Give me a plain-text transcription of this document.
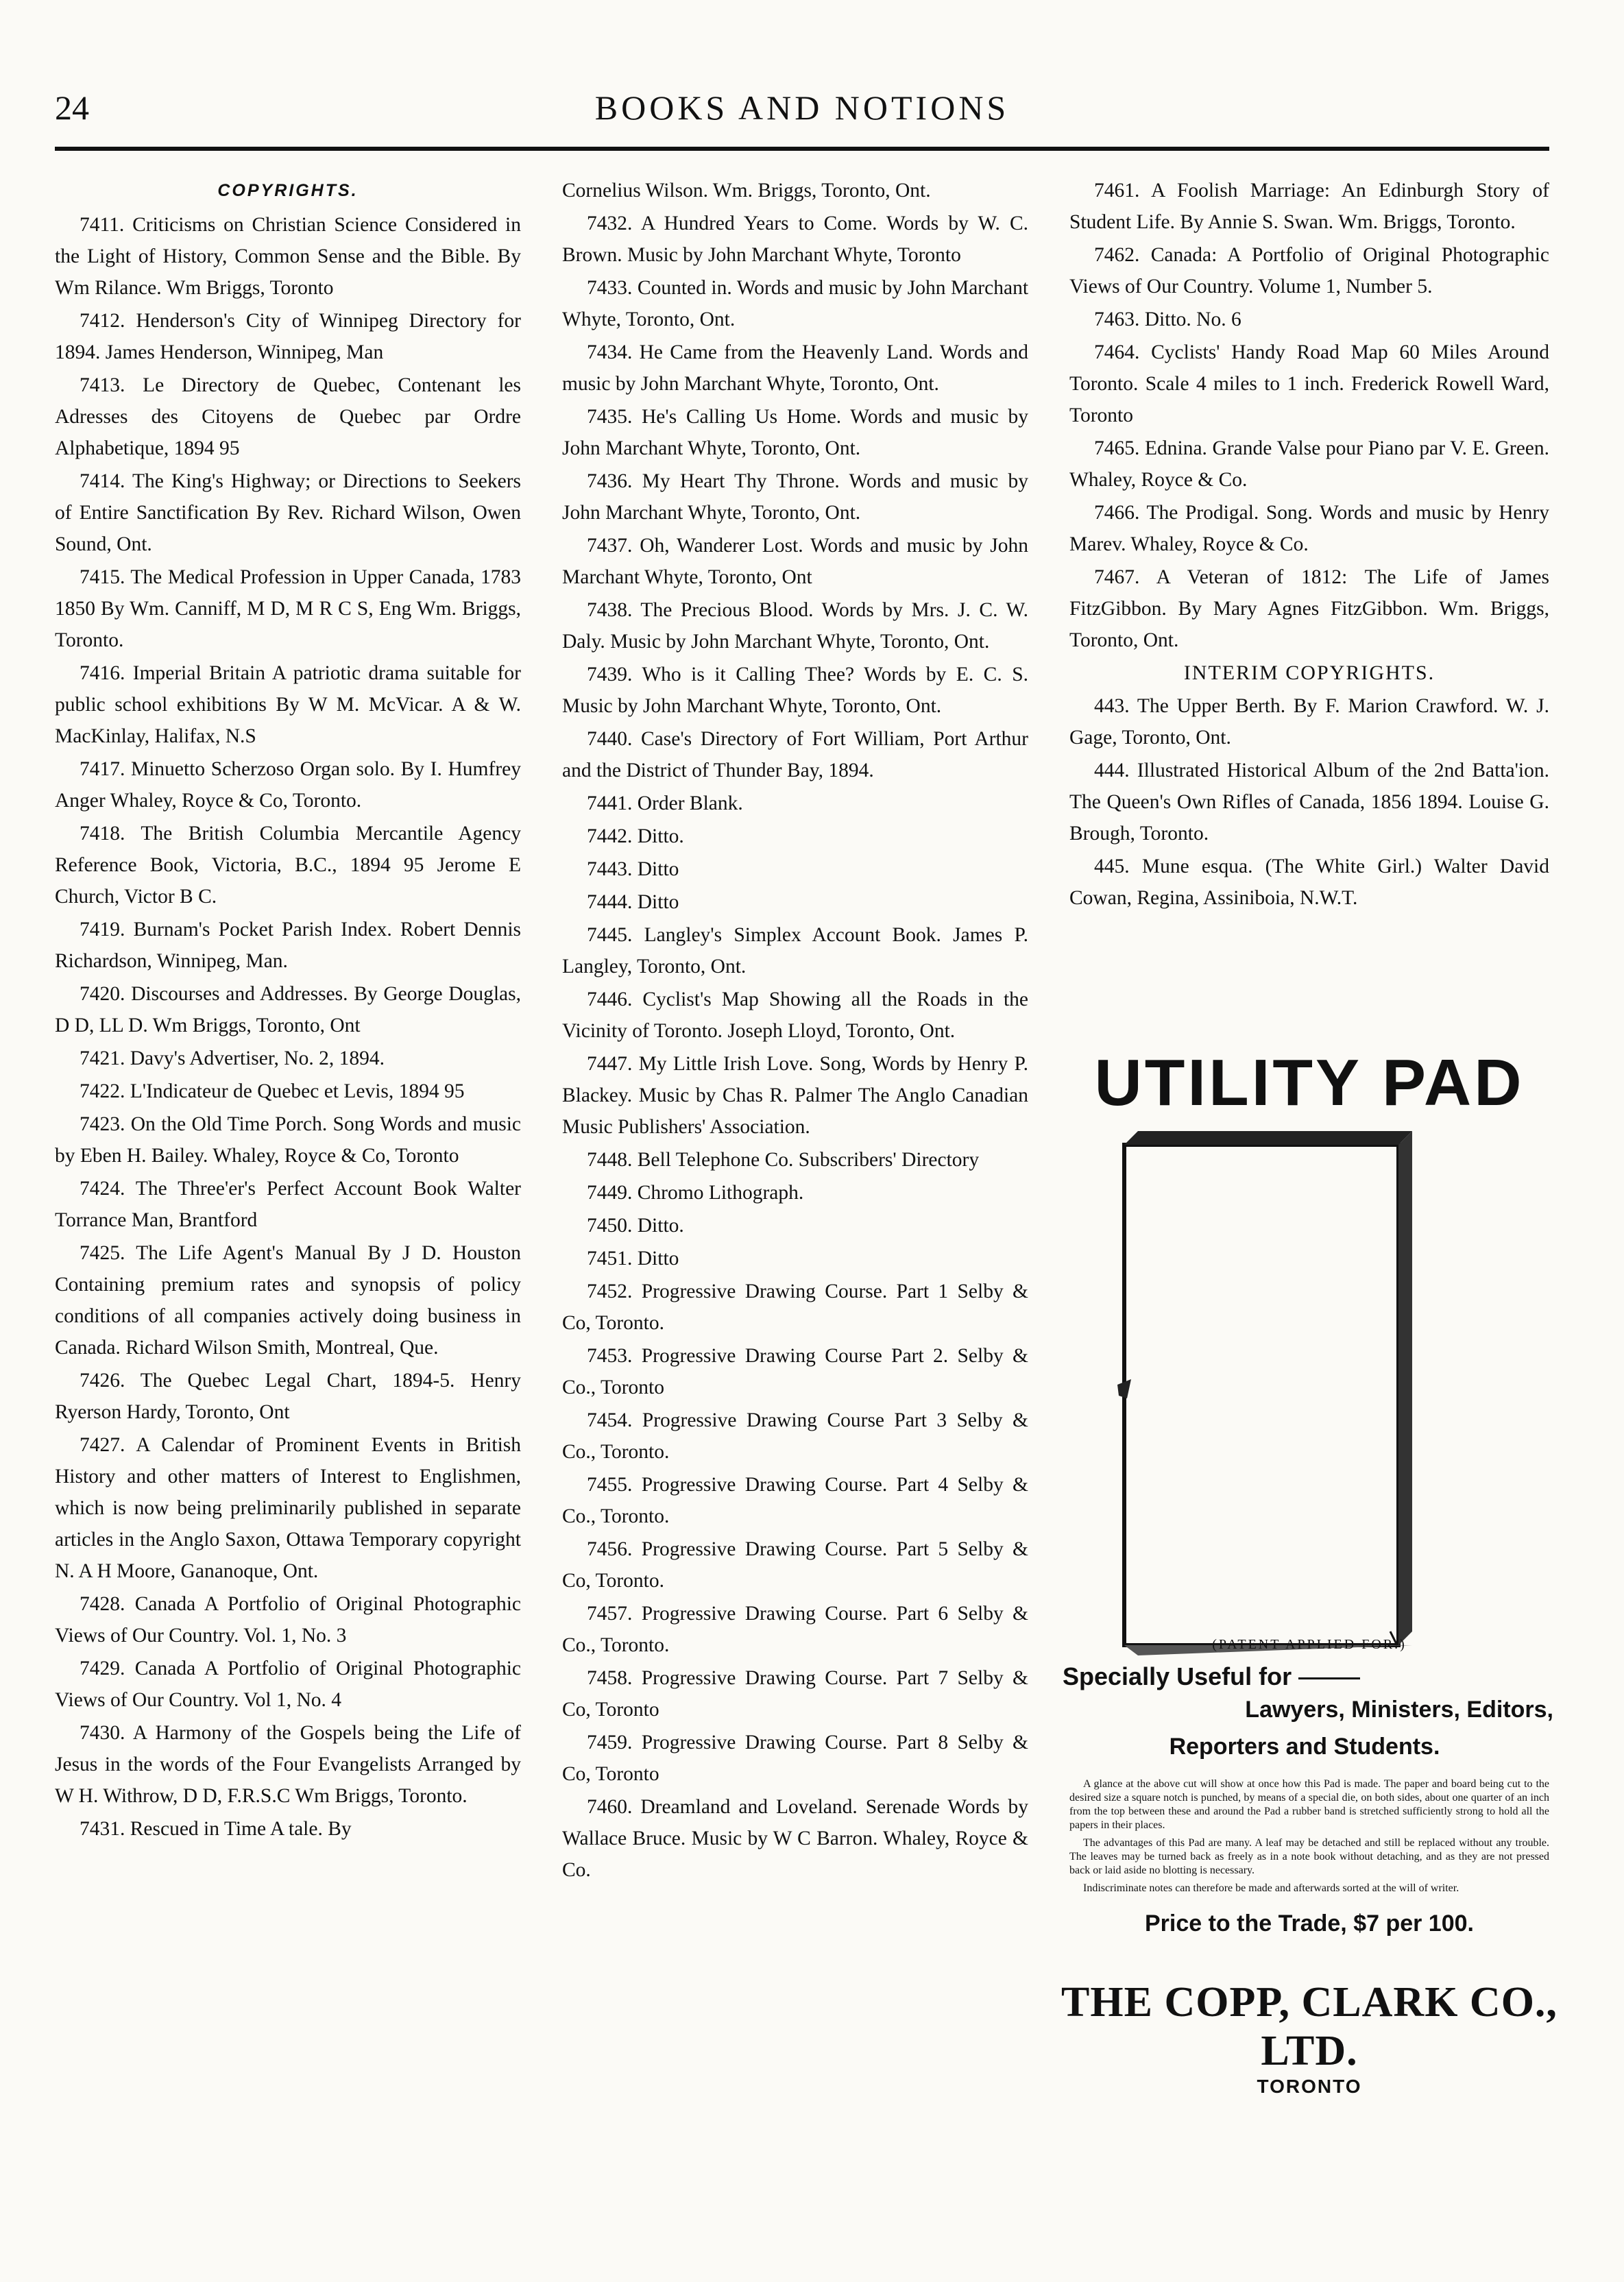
24	BOOKS AND NOTIONS
COPYRIGHTS.

7411. Criticisms on Christian Science Considered in the Light of History, Common Sense and the Bible. By Wm Rilance. Wm Briggs, Toronto

7412. Henderson's City of Winnipeg Directory for 1894. James Henderson, Winnipeg, Man

7413. Le Directory de Quebec, Contenant les Adresses des Citoyens de Quebec par Ordre Alphabetique, 1894 95

7414. The King's Highway; or Directions to Seekers of Entire Sanctification By Rev. Richard Wilson, Owen Sound, Ont.

7415. The Medical Profession in Upper Canada, 1783 1850 By Wm. Canniff, M D, M R C S, Eng Wm. Briggs, Toronto.

7416. Imperial Britain A patriotic drama suitable for public school exhibitions By W M. McVicar. A & W. MacKinlay, Halifax, N.S

7417. Minuetto Scherzoso Organ solo. By I. Humfrey Anger Whaley, Royce & Co, Toronto.

7418. The British Columbia Mercantile Agency Reference Book, Victoria, B.C., 1894 95 Jerome E Church, Victor B C.

7419. Burnam's Pocket Parish Index. Robert Dennis Richardson, Winnipeg, Man.

7420. Discourses and Addresses. By George Douglas, D D, LL D. Wm Briggs, Toronto, Ont

7421. Davy's Advertiser, No. 2, 1894.

7422. L'Indicateur de Quebec et Levis, 1894 95

7423. On the Old Time Porch. Song Words and music by Eben H. Bailey. Whaley, Royce & Co, Toronto

7424. The Three'er's Perfect Account Book Walter Torrance Man, Brantford

7425. The Life Agent's Manual By J D. Houston Containing premium rates and synopsis of policy conditions of all companies actively doing business in Canada. Richard Wilson Smith, Montreal, Que.

7426. The Quebec Legal Chart, 1894-5. Henry Ryerson Hardy, Toronto, Ont

7427. A Calendar of Prominent Events in British History and other matters of Interest to Englishmen, which is now being preliminarily published in separate articles in the Anglo Saxon, Ottawa Temporary copyright N. A H Moore, Gananoque, Ont.

7428. Canada A Portfolio of Original Photographic Views of Our Country. Vol. 1, No. 3

7429. Canada A Portfolio of Original Photographic Views of Our Country. Vol 1, No. 4

7430. A Harmony of the Gospels being the Life of Jesus in the words of the Four Evangelists Arranged by W H. Withrow, D D, F.R.S.C Wm Briggs, Toronto.

7431. Rescued in Time A tale. By

Cornelius Wilson. Wm. Briggs, Toronto, Ont.

7432. A Hundred Years to Come. Words by W. C. Brown. Music by John Marchant Whyte, Toronto

7433. Counted in. Words and music by John Marchant Whyte, Toronto, Ont.

7434. He Came from the Heavenly Land. Words and music by John Marchant Whyte, Toronto, Ont.

7435. He's Calling Us Home. Words and music by John Marchant Whyte, Toronto, Ont.

7436. My Heart Thy Throne. Words and music by John Marchant Whyte, Toronto, Ont.

7437. Oh, Wanderer Lost. Words and music by John Marchant Whyte, Toronto, Ont

7438. The Precious Blood. Words by Mrs. J. C. W. Daly. Music by John Marchant Whyte, Toronto, Ont.

7439. Who is it Calling Thee? Words by E. C. S. Music by John Marchant Whyte, Toronto, Ont.

7440. Case's Directory of Fort William, Port Arthur and the District of Thunder Bay, 1894.

7441. Order Blank.

7442. Ditto.

7443. Ditto

7444. Ditto

7445. Langley's Simplex Account Book. James P. Langley, Toronto, Ont.

7446. Cyclist's Map Showing all the Roads in the Vicinity of Toronto. Joseph Lloyd, Toronto, Ont.

7447. My Little Irish Love. Song, Words by Henry P. Blackey. Music by Chas R. Palmer The Anglo Canadian Music Publishers' Association.

7448. Bell Telephone Co. Subscribers' Directory

7449. Chromo Lithograph.

7450. Ditto.

7451. Ditto

7452. Progressive Drawing Course. Part 1 Selby & Co, Toronto.

7453. Progressive Drawing Course Part 2. Selby & Co., Toronto

7454. Progressive Drawing Course Part 3 Selby & Co., Toronto.

7455. Progressive Drawing Course. Part 4 Selby & Co., Toronto.

7456. Progressive Drawing Course. Part 5 Selby & Co, Toronto.

7457. Progressive Drawing Course. Part 6 Selby & Co., Toronto.

7458. Progressive Drawing Course. Part 7 Selby & Co, Toronto

7459. Progressive Drawing Course. Part 8 Selby & Co, Toronto

7460. Dreamland and Loveland. Serenade Words by Wallace Bruce. Music by W C Barron. Whaley, Royce & Co.

7461. A Foolish Marriage: An Edinburgh Story of Student Life. By Annie S. Swan. Wm. Briggs, Toronto.

7462. Canada: A Portfolio of Original Photographic Views of Our Country. Volume 1, Number 5.

7463. Ditto. No. 6

7464. Cyclists' Handy Road Map 60 Miles Around Toronto. Scale 4 miles to 1 inch. Frederick Rowell Ward, Toronto

7465. Ednina. Grande Valse pour Piano par V. E. Green. Whaley, Royce & Co.

7466. The Prodigal. Song. Words and music by Henry Marev. Whaley, Royce & Co.

7467. A Veteran of 1812: The Life of James FitzGibbon. By Mary Agnes FitzGibbon. Wm. Briggs, Toronto, Ont.

INTERIM COPYRIGHTS.

443. The Upper Berth. By F. Marion Crawford. W. J. Gage, Toronto, Ont.

444. Illustrated Historical Album of the 2nd Batta'ion. The Queen's Own Rifles of Canada, 1856 1894. Louise G. Brough, Toronto.

445. Mune esqua. (The White Girl.) Walter David Cowan, Regina, Assiniboia, N.W.T.

UTILITY PAD
(PATENT APPLIED FOR.)
Specially Useful for
Lawyers, Ministers, Editors,
Reporters and Students.

A glance at the above cut will show at once how this Pad is made. The paper and board being cut to the desired size a square notch is punched, by means of a special die, on both sides, about one quarter of an inch from the top between these and around the Pad a rubber band is stretched sufficiently strong to hold all the papers in their places.

The advantages of this Pad are many. A leaf may be detached and still be replaced without any trouble. The leaves may be turned back as freely as in a note book without detaching, and as they are not pressed back or laid aside no blotting is necessary.

Indiscriminate notes can therefore be made and afterwards sorted at the will of writer.

Price to the Trade, $7 per 100.
THE COPP, CLARK CO., LTD.
TORONTO
